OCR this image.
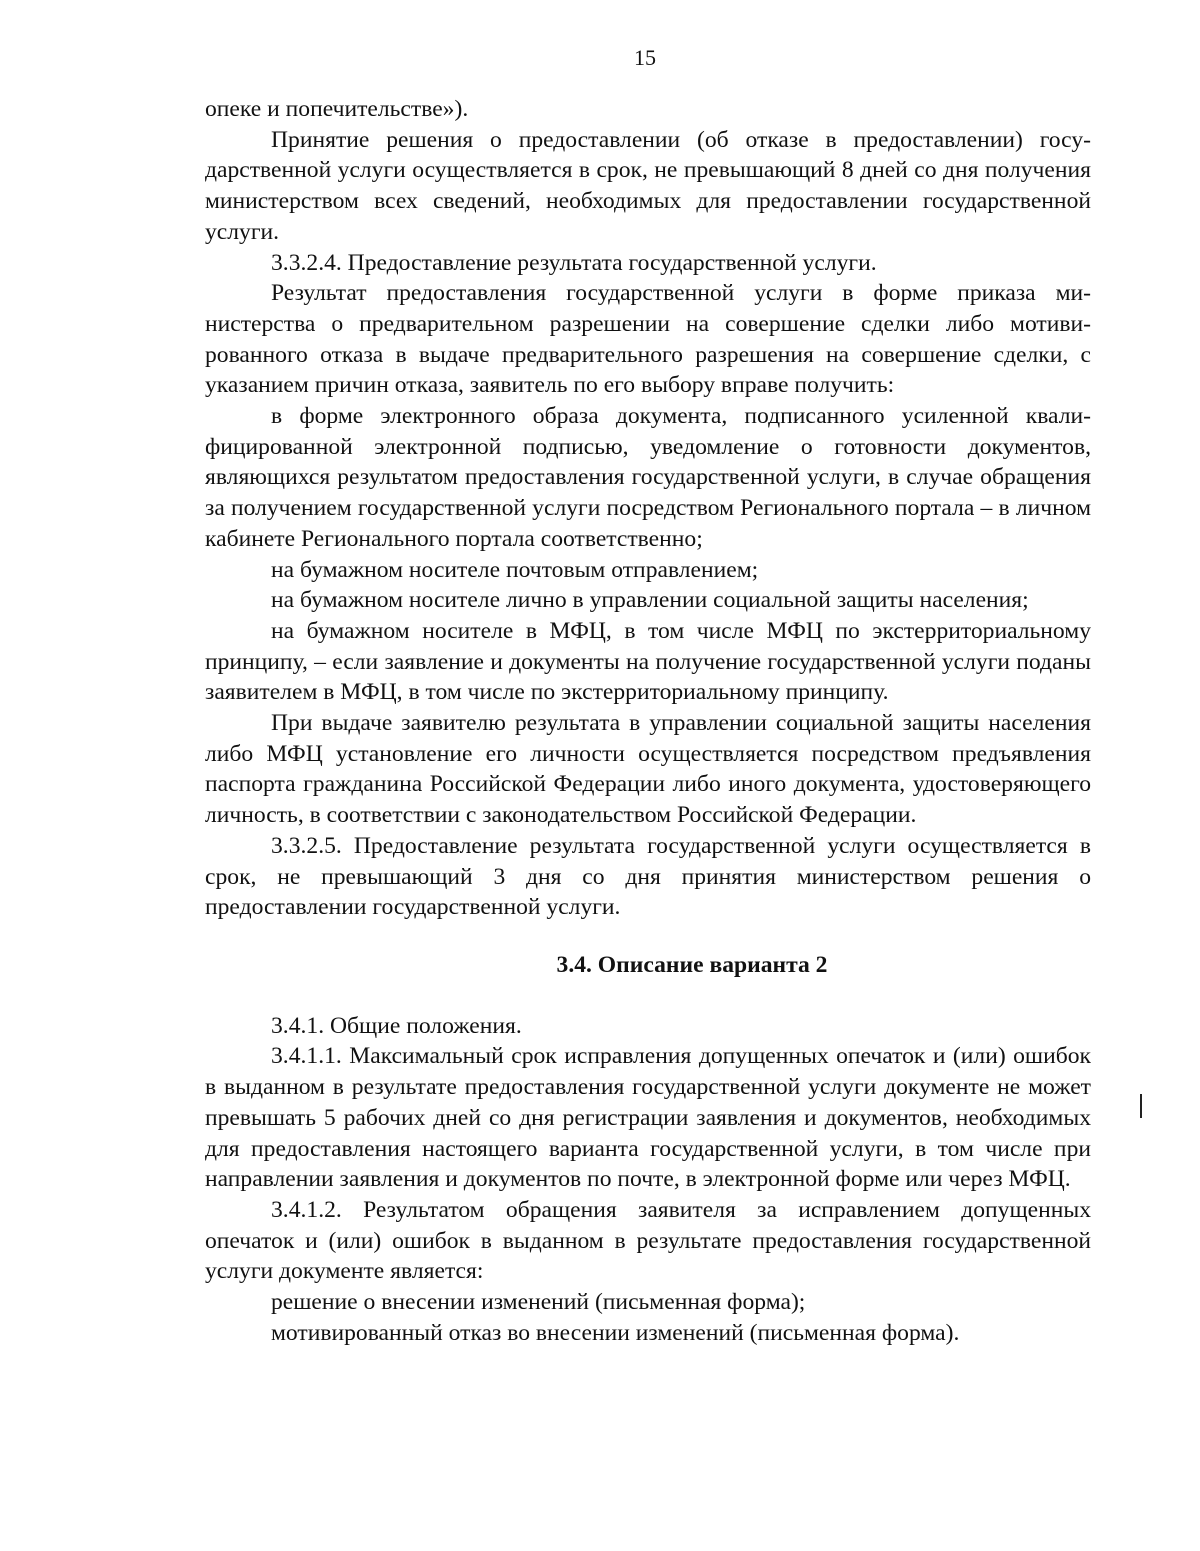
15

опеке и попечительстве»).

Принятие решения о предоставлении (об отказе в предоставлении) государственной услуги осуществляется в срок, не превышающий 8 дней со дня получения министерством всех сведений, необходимых для предоставлении государственной услуги.

3.3.2.4. Предоставление результата государственной услуги.

Результат предоставления государственной услуги в форме приказа министерства о предварительном разрешении на совершение сделки либо мотивированного отказа в выдаче предварительного разрешения на совершение сделки, с указанием причин отказа, заявитель по его выбору вправе получить:

в форме электронного образа документа, подписанного усиленной квалифицированной электронной подписью, уведомление о готовности документов, являющихся результатом предоставления государственной услуги, в случае обращения за получением государственной услуги посредством Регионального портала – в личном кабинете Регионального портала соответственно;

на бумажном носителе почтовым отправлением;

на бумажном носителе лично в управлении социальной защиты населения;

на бумажном носителе в МФЦ, в том числе МФЦ по экстерриториальному принципу, – если заявление и документы на получение государственной услуги поданы заявителем в МФЦ, в том числе по экстерриториальному принципу.

При выдаче заявителю результата в управлении социальной защиты населения либо МФЦ установление его личности осуществляется посредством предъявления паспорта гражданина Российской Федерации либо иного документа, удостоверяющего личность, в соответствии с законодательством Российской Федерации.

3.3.2.5. Предоставление результата государственной услуги осуществляется в срок, не превышающий 3 дня со дня принятия министерством решения о предоставлении государственной услуги.

3.4. Описание варианта 2

3.4.1. Общие положения.

3.4.1.1. Максимальный срок исправления допущенных опечаток и (или) ошибок в выданном в результате предоставления государственной услуги документе не может превышать 5 рабочих дней со дня регистрации заявления и документов, необходимых для предоставления настоящего варианта государственной услуги, в том числе при направлении заявления и документов по почте, в электронной форме или через МФЦ.

3.4.1.2. Результатом обращения заявителя за исправлением допущенных опечаток и (или) ошибок в выданном в результате предоставления государственной услуги документе является:

решение о внесении изменений (письменная форма);

мотивированный отказ во внесении изменений (письменная форма).
